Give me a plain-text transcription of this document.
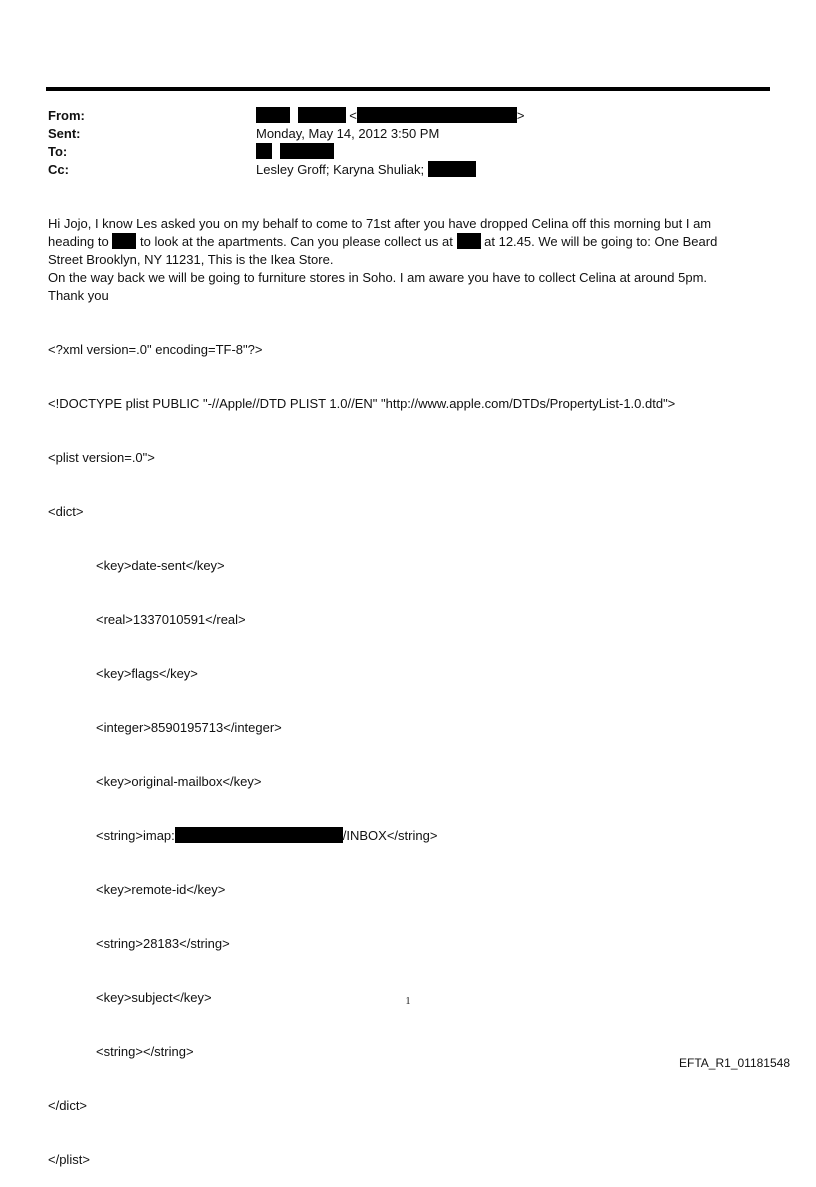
From:	<	>
Sent:	Monday, May 14, 2012 3:50 PM
To:

Cc:	Lesley Groff; Karyna Shuliak;

Hi Jojo, I know Les asked you on my behalf to come to 71st after you have dropped Celina off this morning but I am

heading to to look at the apartments. Can you please collect us at at 12.45. We will be going to: One Beard

Street Brooklyn, NY 11231, This is the Ikea Store.

On the way back we will be going to furniture stores in Soho. I am aware you have to collect Celina at around 5pm.

Thank you

<?xml version=.0" encoding=TF-8"?>

<!DOCTYPE plist PUBLIC "-//Apple//DTD PLIST 1.0//EN" "http://www.apple.com/DTDs/PropertyList-1.0.dtd">

<plist version=.0">

<dict>

<key>date-sent</key>

<real>1337010591</real>

<key>flags</key>

<integer>8590195713</integer>

<key>original-mailbox</key>

<string>imap:	/INBOX</string>

<key>remote-id</key>

<string>28183</string>

<key>subject</key>

<string></string>

</dict>

</plist>

1
EFTA_R1_01181548
